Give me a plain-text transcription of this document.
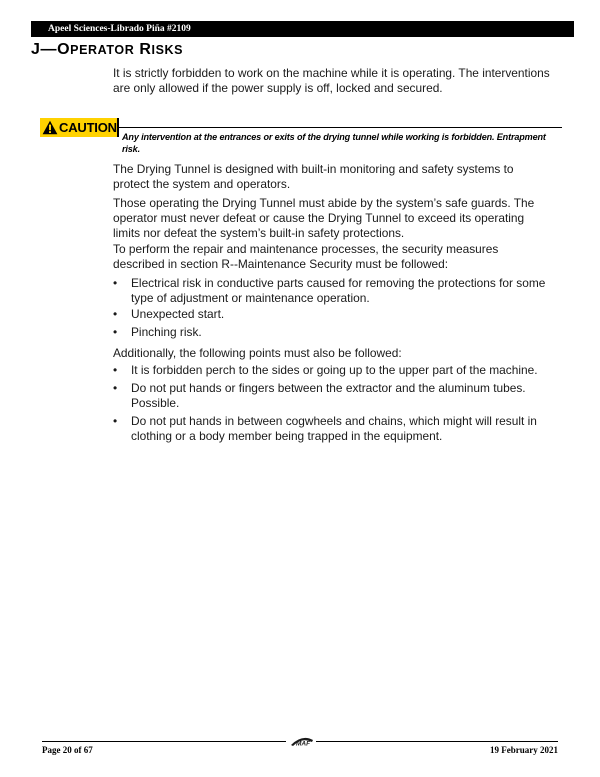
Apeel Sciences-Librado Piña #2109
J—OPERATOR RISKS

It is strictly forbidden to work on the machine while it is operating. The interventions are only allowed if the power supply is off, locked and secured.

CAUTION

Any intervention at the entrances or exits of the drying tunnel while working is forbidden. Entrapment risk.

The Drying Tunnel is designed with built-in monitoring and safety systems to protect the system and operators.

Those operating the Drying Tunnel must abide by the system’s safe guards. The operator must never defeat or cause the Drying Tunnel to exceed its operating limits nor defeat the system’s built-in safety protections.

To perform the repair and maintenance processes, the security measures described in section R--Maintenance Security must be followed:

•	Electrical risk in conductive parts caused for removing the protections for some type of adjustment or maintenance operation.
•	Unexpected start.
•	Pinching risk.

Additionally, the following points must also be followed:

•	It is forbidden perch to the sides or going up to the upper part of the machine.
•	Do not put hands or fingers between the extractor and the aluminum tubes. Possible.
•	Do not put hands in between cogwheels and chains, which might will result in clothing or a body member being trapped in the equipment.
MAF
Page 20 of 67	19 February 2021
